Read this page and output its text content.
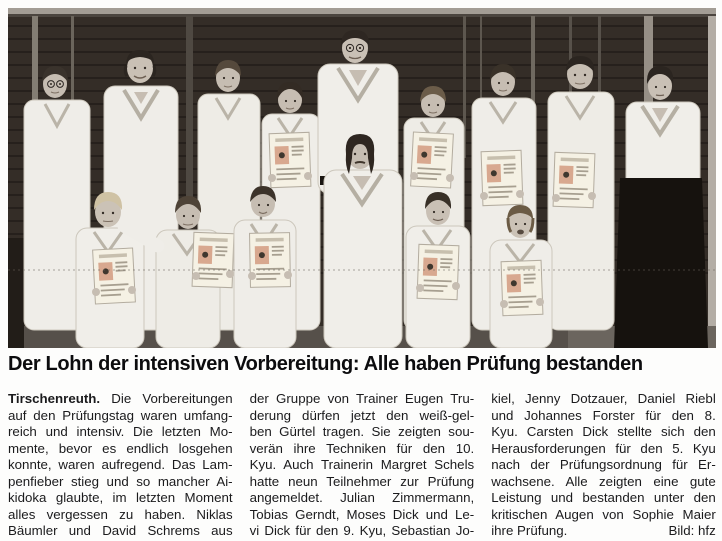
Der Lohn der intensiven Vorbereitung: Alle haben Prüfung bestanden
Tirschenreuth. Die Vorbereitungen
auf den Prüfungstag waren umfang-
reich und intensiv. Die letzten Mo-
mente, bevor es endlich losgehen
konnte, waren aufregend. Das Lam-
penfieber stieg und so mancher Ai-
kidoka glaubte, im letzten Moment
alles vergessen zu haben. Niklas
Bäumler und David Schrems aus
der Gruppe von Trainer Eugen Tru-
derung dürfen jetzt den weiß-gel-
ben Gürtel tragen. Sie zeigten sou-
verän ihre Techniken für den 10.
Kyu. Auch Trainerin Margret Schels
hatte neun Teilnehmer zur Prüfung
angemeldet. Julian Zimmermann,
Tobias Gerndt, Moses Dick und Le-
vi Dick für den 9. Kyu, Sebastian Jo-
kiel, Jenny Dotzauer, Daniel Riebl
und Johannes Forster für den 8.
Kyu. Carsten Dick stellte sich den
Herausforderungen für den 5. Kyu
nach der Prüfungsordnung für Er-
wachsene. Alle zeigten eine gute
Leistung und bestanden unter den
kritischen Augen von Sophie Maier
ihre Prüfung.	Bild: hfz
